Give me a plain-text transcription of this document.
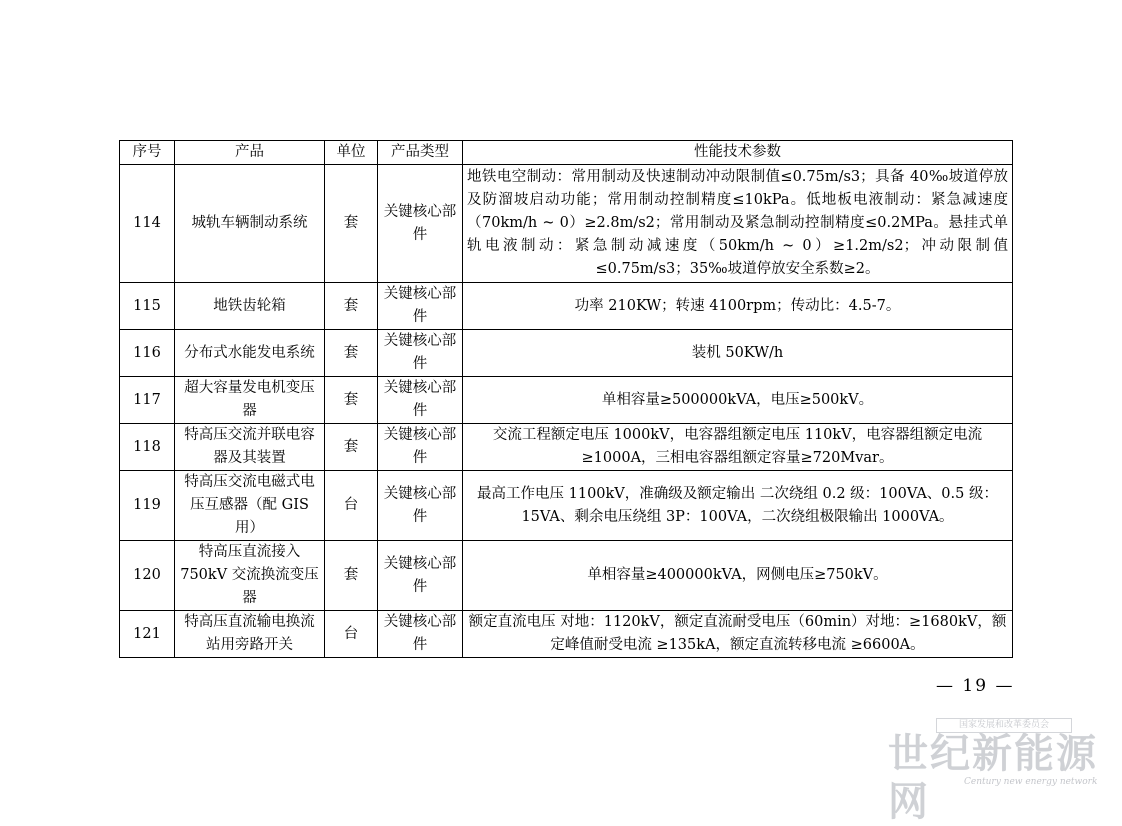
序号	产品	单位	产品类型	性能技术参数
114	城轨车辆制动系统	套	关键核心部件	地铁电空制动：常用制动及快速制动冲动限制值≤0.75m/s3；具备 40‰坡道停放及防溜坡启动功能；常用制动控制精度≤10kPa。低地板电液制动：紧急减速度（70km/h ~ 0）≥2.8m/s2；常用制动及紧急制动控制精度≤0.2MPa。悬挂式单轨电液制动：紧急制动减速度（50km/h ~ 0）≥1.2m/s2；冲动限制值≤0.75m/s3；35‰坡道停放安全系数≥2。
115	地铁齿轮箱	套	关键核心部件	功率 210KW；转速 4100rpm；传动比：4.5-7。
116	分布式水能发电系统	套	关键核心部件	装机 50KW/h
117	超大容量发电机变压器	套	关键核心部件	单相容量≥500000kVA，电压≥500kV。
118	特高压交流并联电容器及其装置	套	关键核心部件	交流工程额定电压 1000kV，电容器组额定电压 110kV，电容器组额定电流≥1000A，三相电容器组额定容量≥720Mvar。
119	特高压交流电磁式电压互感器（配 GIS 用）	台	关键核心部件	最高工作电压 1100kV，准确级及额定输出 二次绕组 0.2 级：100VA、0.5 级：15VA、剩余电压绕组 3P：100VA，二次绕组极限输出 1000VA。
120	特高压直流接入 750kV 交流换流变压器	套	关键核心部件	单相容量≥400000kVA，网侧电压≥750kV。
121	特高压直流输电换流站用旁路开关	台	关键核心部件	额定直流电压 对地：1120kV，额定直流耐受电压（60min）对地：≥1680kV，额定峰值耐受电流 ≥135kA，额定直流转移电流 ≥6600A。
— 19 —
国家发展和改革委员会
世纪新能源网	Century new energy network
